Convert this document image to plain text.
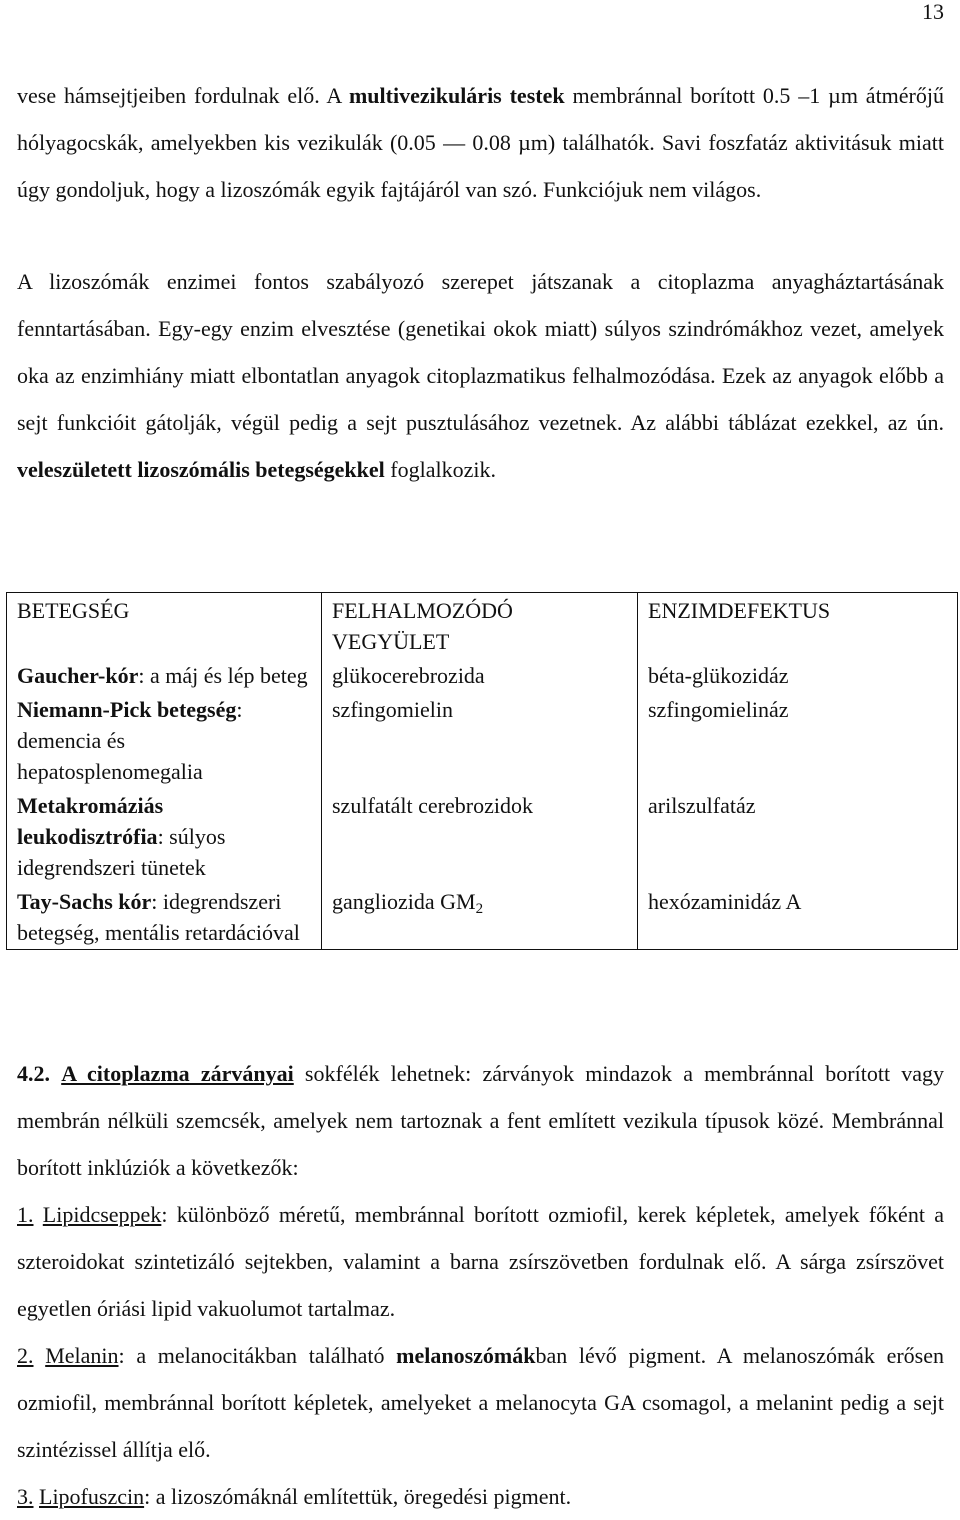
13
vese hámsejtjeiben fordulnak elő. A multivezikuláris testek membránnal borított 0.5 –1 µm átmérőjű hólyagocskák, amelyekben kis vezikulák (0.05 — 0.08 µm) találhatók. Savi foszfatáz aktivitásuk miatt úgy gondoljuk, hogy a lizoszómák egyik fajtájáról van szó. Funkciójuk nem világos.
A lizoszómák enzimei fontos szabályozó szerepet játszanak a citoplazma anyagháztartásának fenntartásában. Egy-egy enzim elvesztése (genetikai okok miatt) súlyos szindrómákhoz vezet, amelyek oka az enzimhiány miatt elbontatlan anyagok citoplazmatikus felhalmozódása. Ezek az anyagok előbb a sejt funkcióit gátolják, végül pedig a sejt pusztulásához vezetnek. Az alábbi táblázat ezekkel, az ún. veleszületett lizoszómális betegségekkel foglalkozik.
BETEGSÉG	FELHALMOZÓDÓ VEGYÜLET	ENZIMDEFEKTUS
Gaucher-kór: a máj és lép beteg	glükocerebrozida	béta-glükozidáz
Niemann-Pick betegség: demencia és hepatosplenomegalia	szfingomielin	szfingomielináz
Metakromáziás leukodisztrófia: súlyos idegrendszeri tünetek	szulfatált cerebrozidok	arilszulfatáz
Tay-Sachs kór: idegrendszeri betegség, mentális retardációval	gangliozida $GM_2$	hexózaminidáz A
4.2. A citoplazma zárványai sokfélék lehetnek: zárványok mindazok a membránnal borított vagy membrán nélküli szemcsék, amelyek nem tartoznak a fent említett vezikula típusok közé. Membránnal borított inklúziók a következők:
1. Lipidcseppek: különböző méretű, membránnal borított ozmiofil, kerek képletek, amelyek főként a szteroidokat szintetizáló sejtekben, valamint a barna zsírszövetben fordulnak elő. A sárga zsírszövet egyetlen óriási lipid vakuolumot tartalmaz.
2. Melanin: a melanocitákban található melanoszómákban lévő pigment. A melanoszómák erősen ozmiofil, membránnal borított képletek, amelyeket a melanocyta GA csomagol, a melanint pedig a sejt szintézissel állítja elő.
3. Lipofuszcin: a lizoszómáknál említettük, öregedési pigment.
